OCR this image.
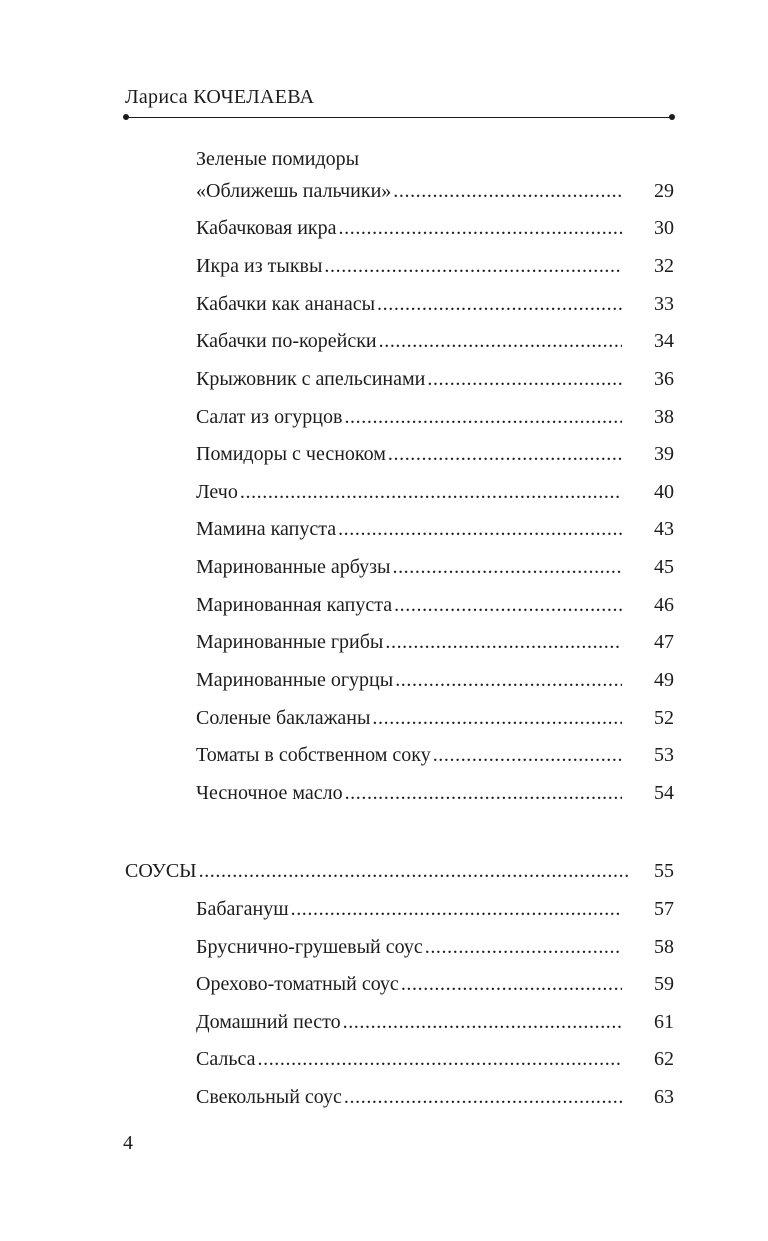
Лариса КОЧЕЛАЕВА
Зеленые помидоры
«Оближешь пальчики» . . .	29
Кабачковая икра . . .	30
Икра из тыквы . . .	32
Кабачки как ананасы . . .	33
Кабачки по-корейски . . .	34
Крыжовник с апельсинами . . .	36
Салат из огурцов . . .	38
Помидоры с чесноком . . .	39
Лечо . . .	40
Мамина капуста . . .	43
Маринованные арбузы . . .	45
Маринованная капуста . . .	46
Маринованные грибы . . .	47
Маринованные огурцы . . .	49
Соленые баклажаны . . .	52
Томаты в собственном соку . . .	53
Чесночное масло . . .	54
СОУСЫ . . .	55
Бабагануш . . .	57
Бруснично-грушевый соус . . .	58
Орехово-томатный соус . . .	59
Домашний песто . . .	61
Сальса . . .	62
Свекольный соус . . .	63
4
